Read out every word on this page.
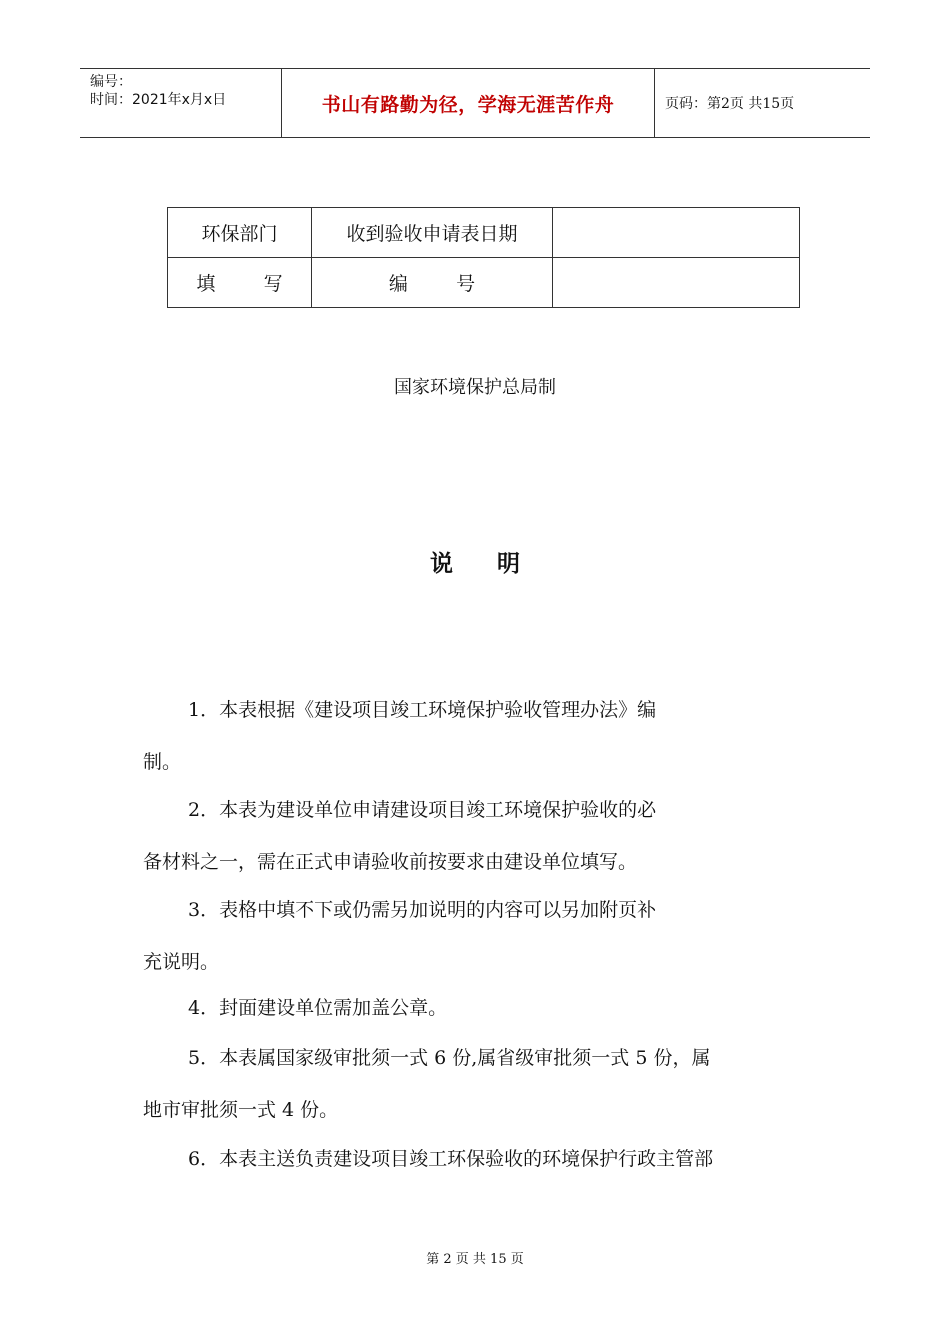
编号：
时间：2021年x月x日	书山有路勤为径，学海无涯苦作舟	页码：第2页 共15页
环保部门	收到验收申请表日期	
填        写	编        号	
国家环境保护总局制
说 明
1．本表根据《建设项目竣工环境保护验收管理办法》编
制。
2．本表为建设单位申请建设项目竣工环境保护验收的必
备材料之一，需在正式申请验收前按要求由建设单位填写。
3．表格中填不下或仍需另加说明的内容可以另加附页补
充说明。
4．封面建设单位需加盖公章。
5．本表属国家级审批须一式 6 份,属省级审批须一式 5 份，属
地市审批须一式 4 份。
6．本表主送负责建设项目竣工环保验收的环境保护行政主管部
第 2 页 共 15 页
